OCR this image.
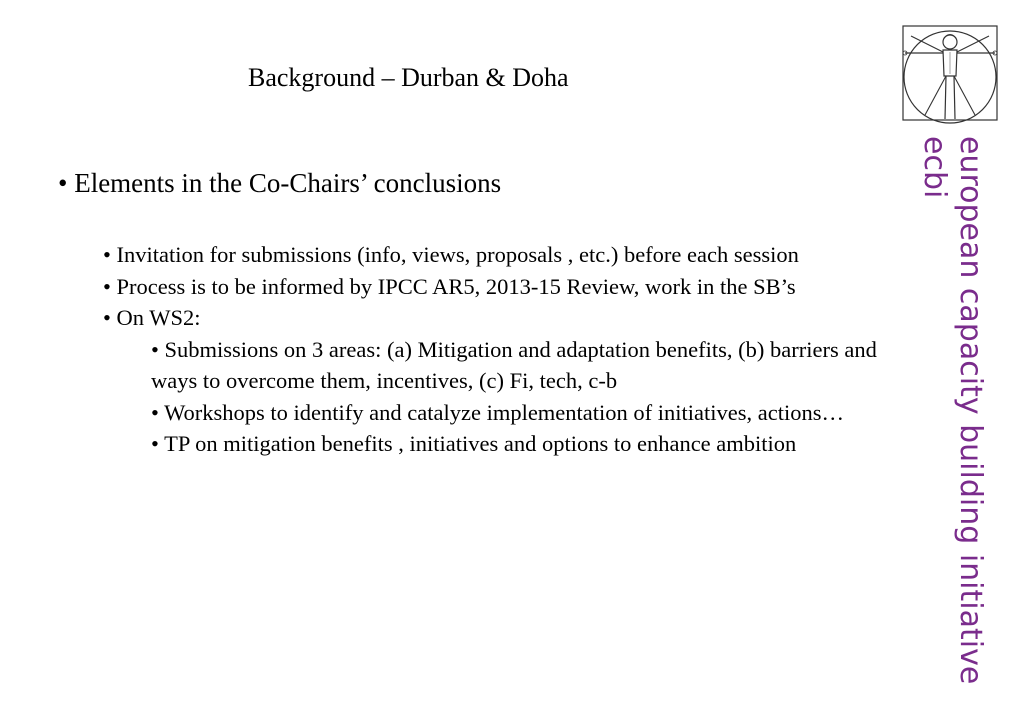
Background – Durban & Doha
• Elements in the Co-Chairs’ conclusions

• Invitation for submissions (info, views, proposals , etc.) before each session

• Process is to be informed by IPCC AR5, 2013-15 Review, work in the SB’s

• On WS2:

• Submissions on 3 areas: (a) Mitigation and adaptation benefits, (b) barriers and ways to overcome them, incentives, (c) Fi, tech, c-b

• Workshops to identify and catalyze implementation of initiatives, actions…

• TP on mitigation benefits , initiatives and options to enhance ambition	european capacity building initiative
ecbi
